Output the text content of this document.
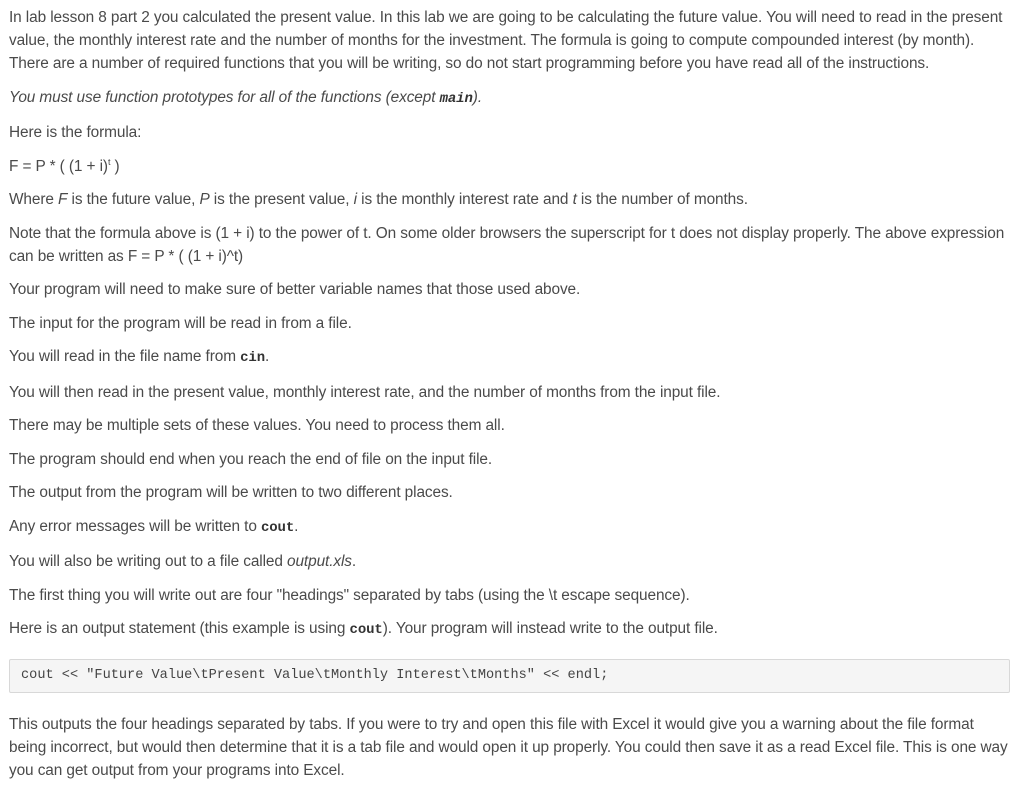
In lab lesson 8 part 2 you calculated the present value. In this lab we are going to be calculating the future value. You will need to read in the present value, the monthly interest rate and the number of months for the investment. The formula is going to compute compounded interest (by month). There are a number of required functions that you will be writing, so do not start programming before you have read all of the instructions.

You must use function prototypes for all of the functions (except main).

Here is the formula:

F = P * ( $(1 + i)^t$ )

Where F is the future value, P is the present value, i is the monthly interest rate and t is the number of months.

Note that the formula above is (1 + i) to the power of t. On some older browsers the superscript for t does not display properly. The above expression can be written as F = P * ( (1 + i)^t)

Your program will need to make sure of better variable names that those used above.

The input for the program will be read in from a file.

You will read in the file name from cin.

You will then read in the present value, monthly interest rate, and the number of months from the input file.

There may be multiple sets of these values. You need to process them all.

The program should end when you reach the end of file on the input file.

The output from the program will be written to two different places.

Any error messages will be written to cout.

You will also be writing out to a file called output.xls.

The first thing you will write out are four "headings" separated by tabs (using the \t escape sequence).

Here is an output statement (this example is using cout). Your program will instead write to the output file.

cout << "Future Value\tPresent Value\tMonthly Interest\tMonths" << endl;

This outputs the four headings separated by tabs. If you were to try and open this file with Excel it would give you a warning about the file format being incorrect, but would then determine that it is a tab file and would open it up properly. You could then save it as a read Excel file. This is one way you can get output from your programs into Excel.
